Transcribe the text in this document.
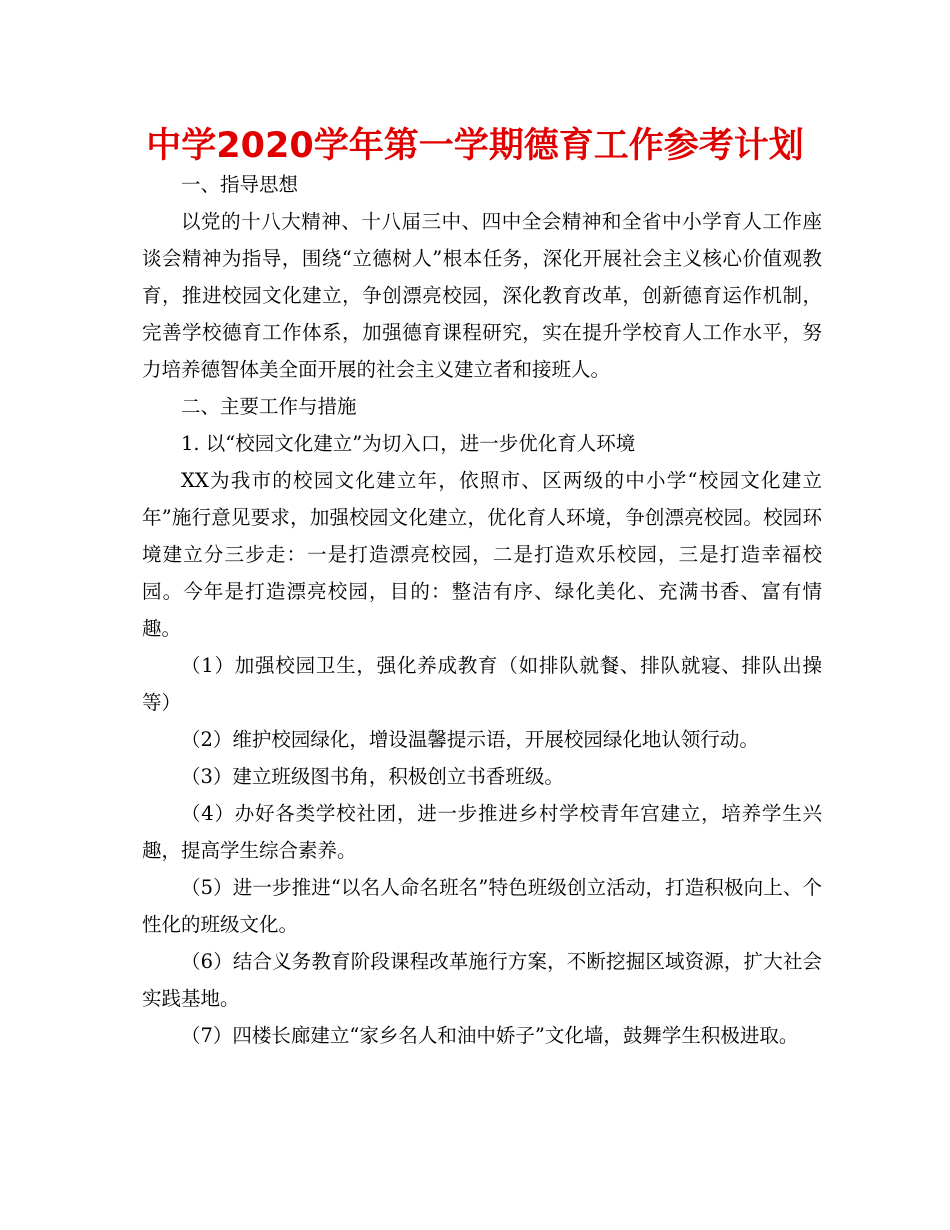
中学2020学年第一学期德育工作参考计划

一、指导思想

以党的十八大精神、十八届三中、四中全会精神和全省中小学育人工作座谈会精神为指导，围绕“立德树人”根本任务，深化开展社会主义核心价值观教育，推进校园文化建立，争创漂亮校园，深化教育改革，创新德育运作机制，完善学校德育工作体系，加强德育课程研究，实在提升学校育人工作水平，努力培养德智体美全面开展的社会主义建立者和接班人。

二、主要工作与措施

1. 以“校园文化建立”为切入口，进一步优化育人环境

XX为我市的校园文化建立年，依照市、区两级的中小学“校园文化建立年”施行意见要求，加强校园文化建立，优化育人环境，争创漂亮校园。校园环境建立分三步走：一是打造漂亮校园，二是打造欢乐校园，三是打造幸福校园。今年是打造漂亮校园，目的：整洁有序、绿化美化、充满书香、富有情趣。

（1）加强校园卫生，强化养成教育（如排队就餐、排队就寝、排队出操等）

（2）维护校园绿化，增设温馨提示语，开展校园绿化地认领行动。

（3）建立班级图书角，积极创立书香班级。

（4）办好各类学校社团，进一步推进乡村学校青年宫建立，培养学生兴趣，提高学生综合素养。

（5）进一步推进“以名人命名班名”特色班级创立活动，打造积极向上、个性化的班级文化。

（6）结合义务教育阶段课程改革施行方案，不断挖掘区域资源，扩大社会实践基地。

（7）四楼长廊建立“家乡名人和油中娇子”文化墙，鼓舞学生积极进取。
